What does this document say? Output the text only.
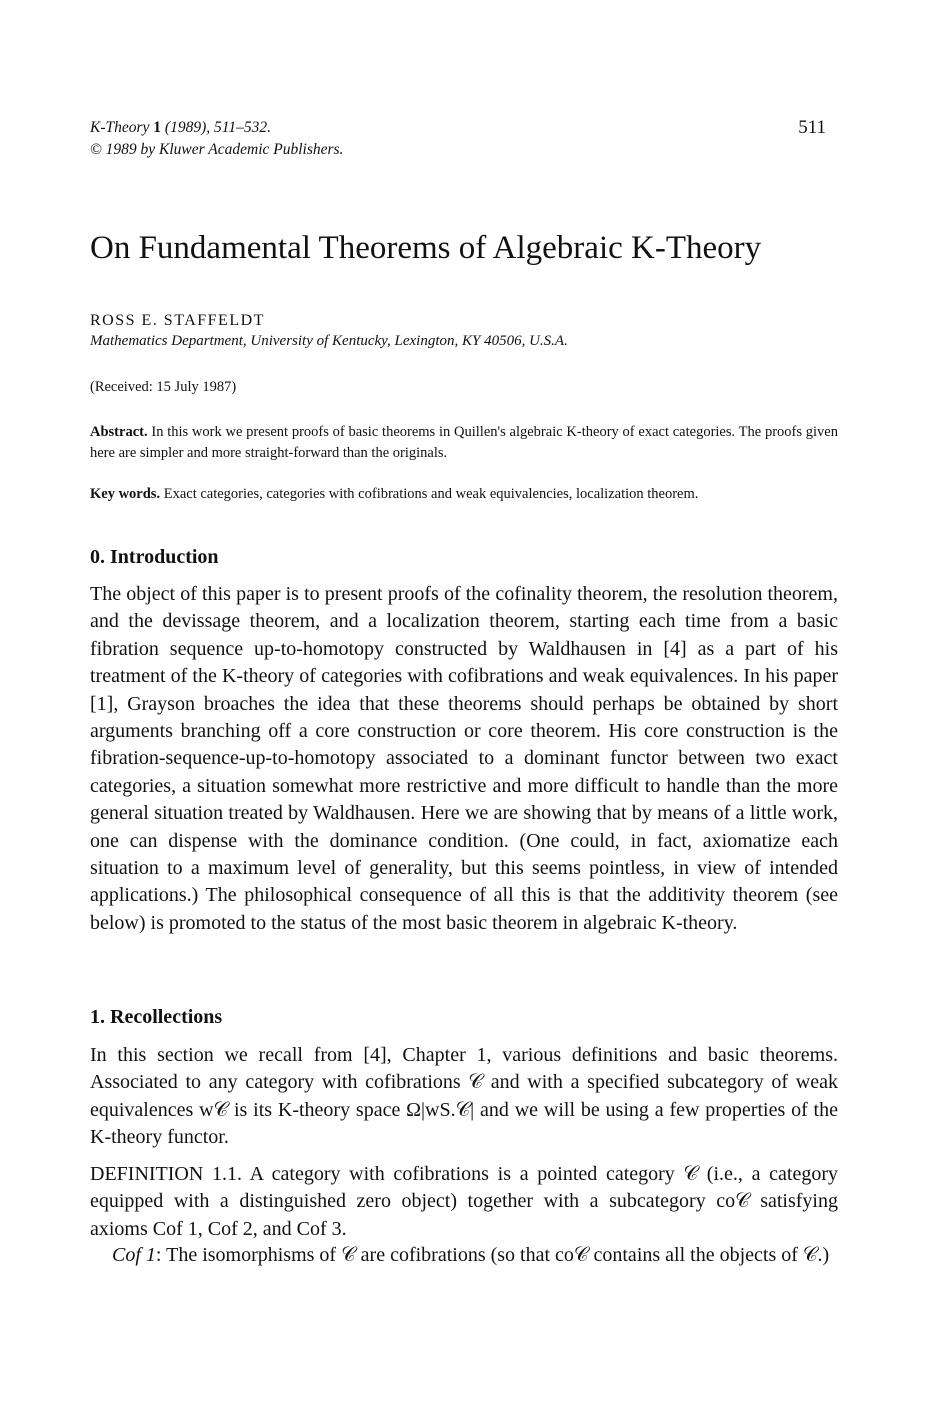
K-Theory 1 (1989), 511–532.
© 1989 by Kluwer Academic Publishers.
511
On Fundamental Theorems of Algebraic K-Theory
ROSS E. STAFFELDT
Mathematics Department, University of Kentucky, Lexington, KY 40506, U.S.A.
(Received: 15 July 1987)
Abstract. In this work we present proofs of basic theorems in Quillen's algebraic K-theory of exact categories. The proofs given here are simpler and more straight-forward than the originals.
Key words. Exact categories, categories with cofibrations and weak equivalencies, localization theorem.
0. Introduction
The object of this paper is to present proofs of the cofinality theorem, the resolution theorem, and the devissage theorem, and a localization theorem, starting each time from a basic fibration sequence up-to-homotopy constructed by Waldhausen in [4] as a part of his treatment of the K-theory of categories with cofibrations and weak equivalences. In his paper [1], Grayson broaches the idea that these theorems should perhaps be obtained by short arguments branching off a core construction or core theorem. His core construction is the fibration-sequence-up-to-homotopy associated to a dominant functor between two exact categories, a situation somewhat more restrictive and more difficult to handle than the more general situation treated by Waldhausen. Here we are showing that by means of a little work, one can dispense with the dominance condition. (One could, in fact, axiomatize each situation to a maximum level of generality, but this seems pointless, in view of intended applications.) The philosophical consequence of all this is that the additivity theorem (see below) is promoted to the status of the most basic theorem in algebraic K-theory.
1. Recollections
In this section we recall from [4], Chapter 1, various definitions and basic theorems. Associated to any category with cofibrations 𝒞 and with a specified subcategory of weak equivalences w𝒞 is its K-theory space Ω|wS.𝒞| and we will be using a few properties of the K-theory functor.
DEFINITION 1.1. A category with cofibrations is a pointed category 𝒞 (i.e., a category equipped with a distinguished zero object) together with a subcategory co𝒞 satisfying axioms Cof 1, Cof 2, and Cof 3.
Cof 1: The isomorphisms of 𝒞 are cofibrations (so that co𝒞 contains all the objects of 𝒞.)
